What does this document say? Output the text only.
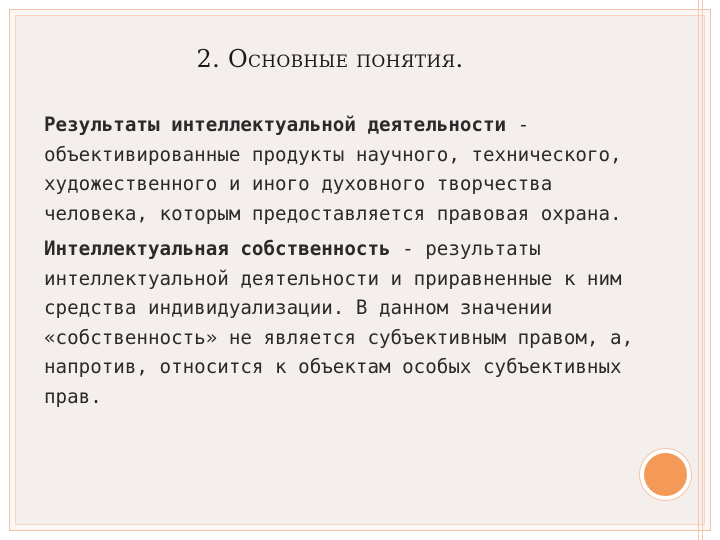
2. Основные понятия.

Результаты интеллектуальной деятельности - объективированные продукты научного, технического, художественного и иного духовного творчества человека, которым предоставляется правовая охрана.

Интеллектуальная собственность - результаты интеллектуальной деятельности и приравненные к ним средства индивидуализации. В данном значении «собственность» не является субъективным правом, а, напротив, относится к объектам особых субъективных прав.
